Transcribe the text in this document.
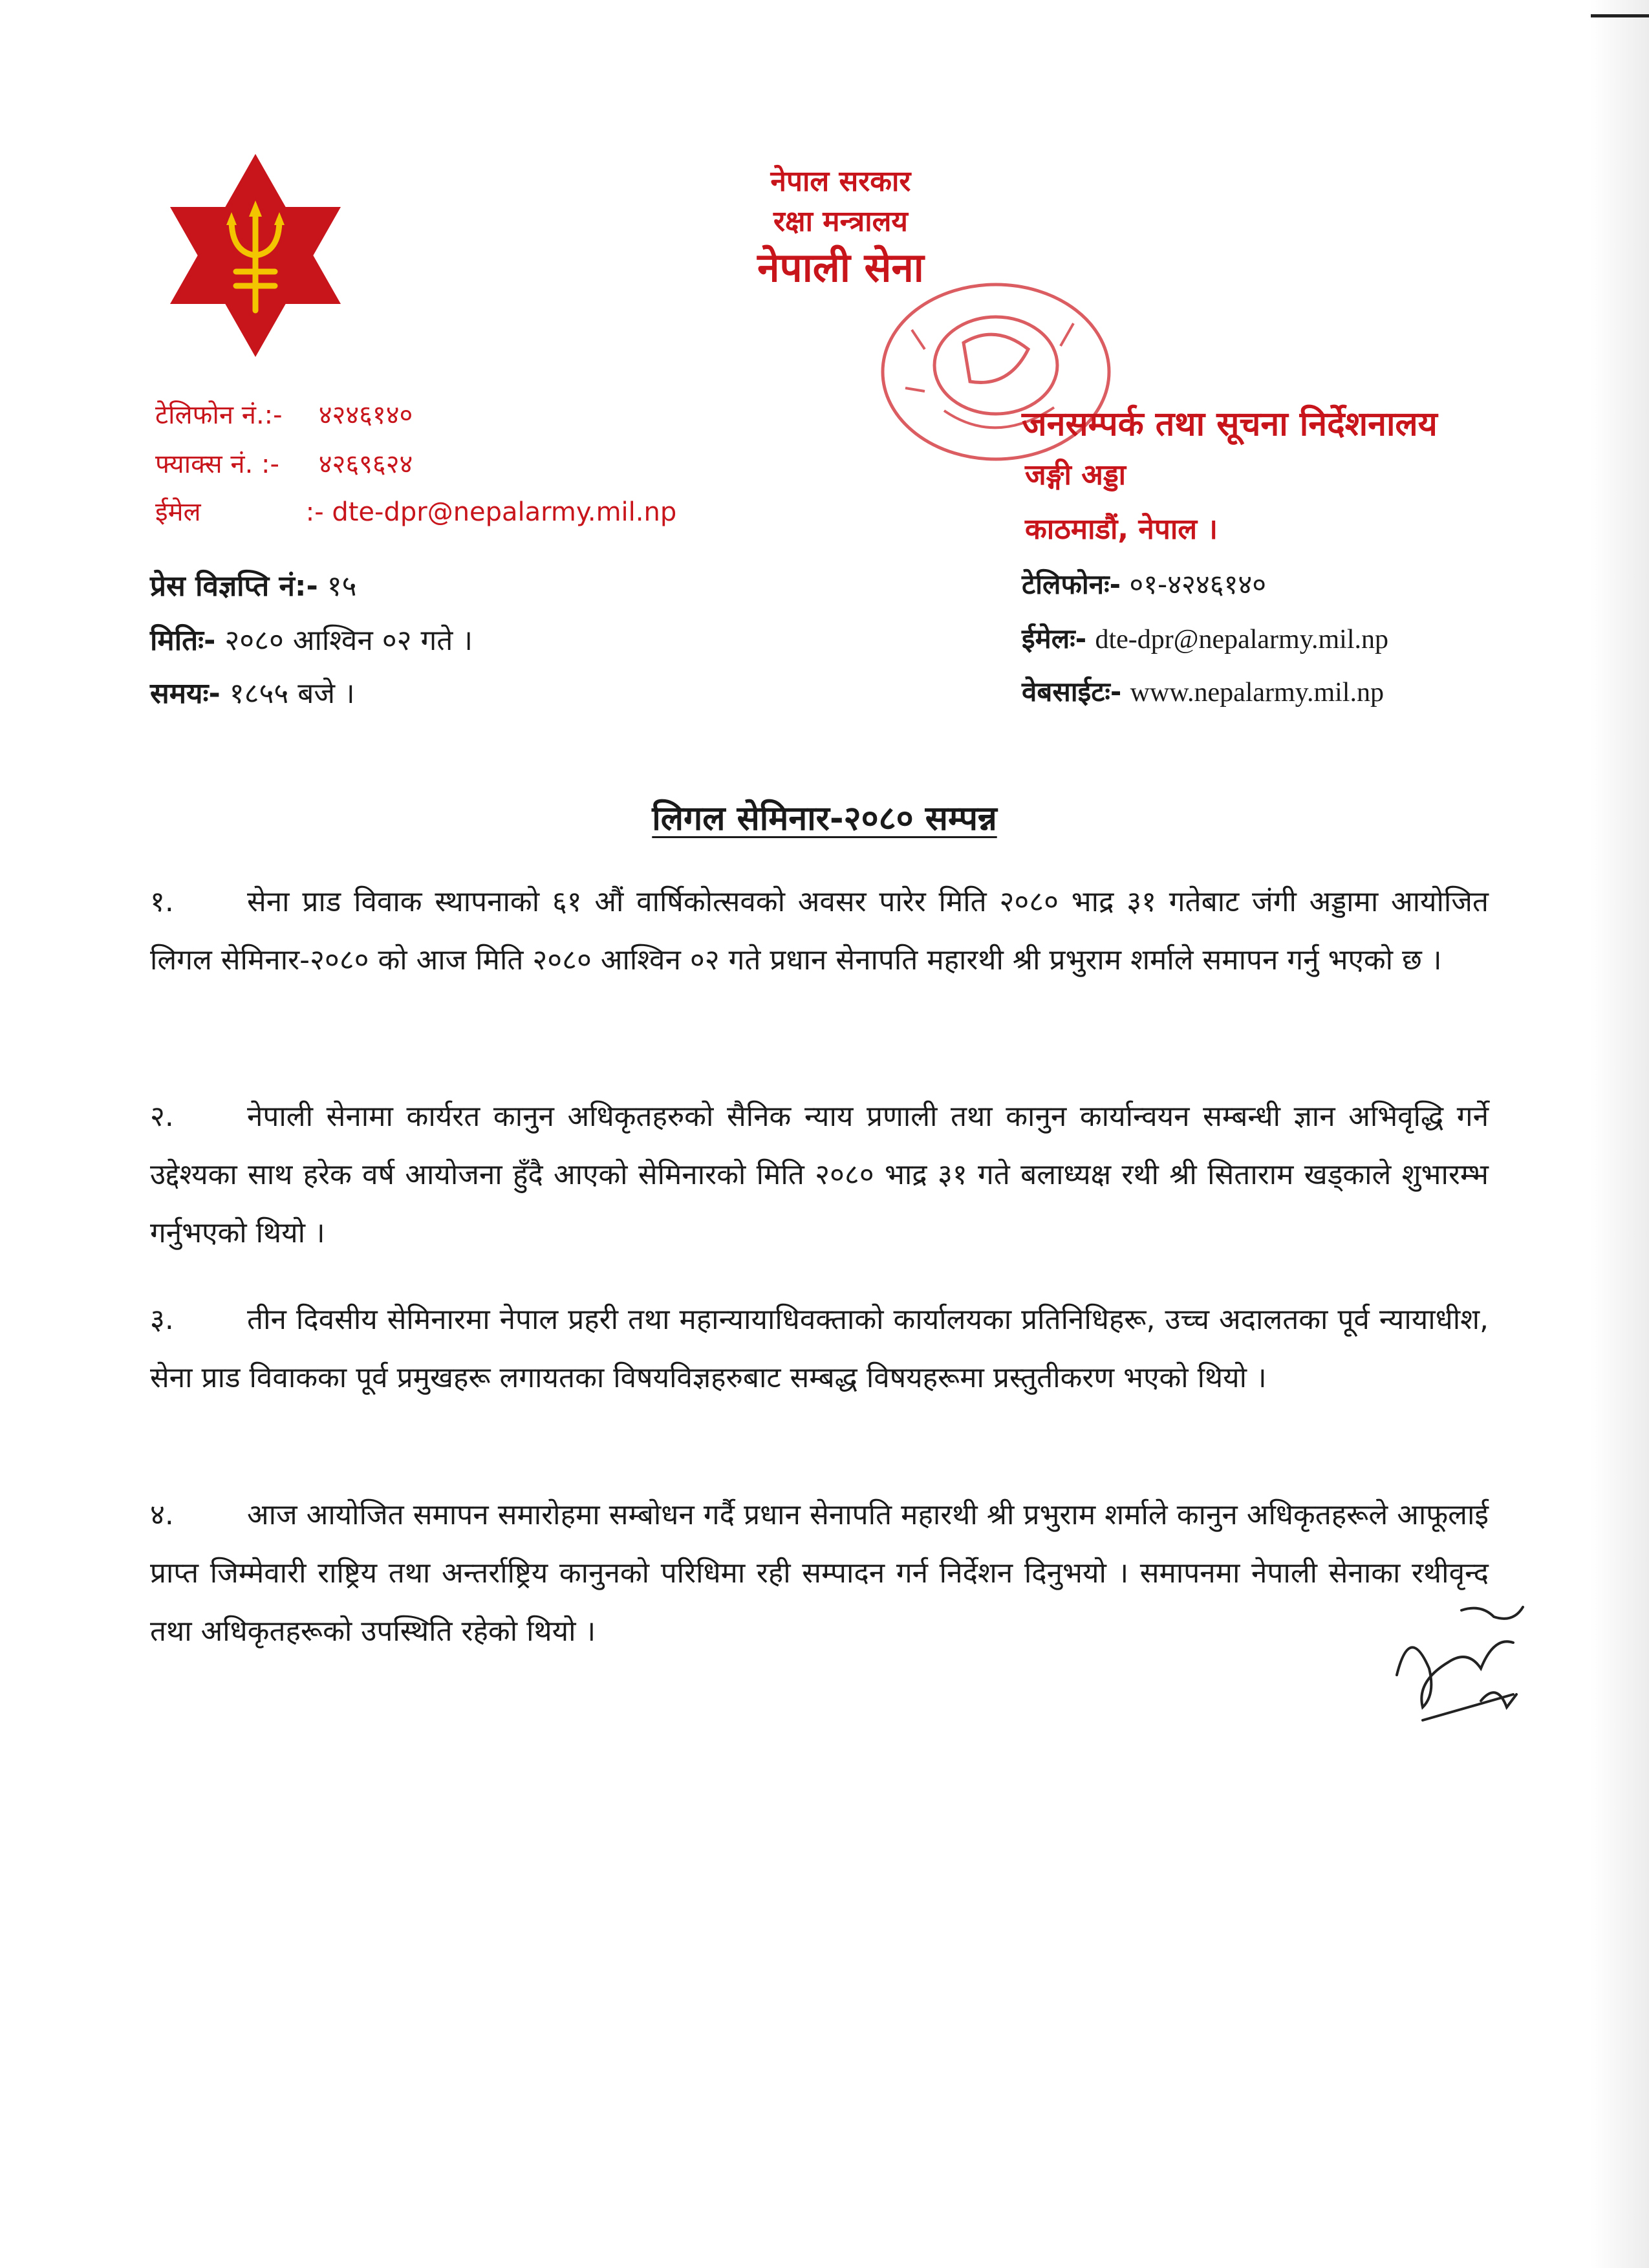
नेपाल सरकार
रक्षा मन्त्रालय
नेपाली सेना
टेलिफोन नं.:- ४२४६१४०
फ्याक्स नं. :- ४२६९६२४
ईमेल	:- dte-dpr@nepalarmy.mil.np
जनसम्पर्क तथा सूचना निर्देशनालय
जङ्गी अड्डा
काठमाडौं, नेपाल ।
प्रेस विज्ञप्ति नं:- १५
मितिः- २०८० आश्विन ०२ गते ।
समयः- १८५५ बजे ।
टेलिफोनः- ०१-४२४६१४०
ईमेलः- dte-dpr@nepalarmy.mil.np
वेबसाईटः- www.nepalarmy.mil.np
लिगल सेमिनार-२०८० सम्पन्न
१.	सेना प्राड विवाक स्थापनाको ६१ औं वार्षिकोत्सवको अवसर पारेर मिति २०८० भाद्र ३१ गतेबाट जंगी अड्डामा आयोजित लिगल सेमिनार-२०८० को आज मिति २०८० आश्विन ०२ गते प्रधान सेनापति महारथी श्री प्रभुराम शर्माले समापन गर्नु भएको छ ।
२.	नेपाली सेनामा कार्यरत कानुन अधिकृतहरुको सैनिक न्याय प्रणाली तथा कानुन कार्यान्वयन सम्बन्धी ज्ञान अभिवृद्धि गर्ने उद्देश्यका साथ हरेक वर्ष आयोजना हुँदै आएको सेमिनारको मिति २०८० भाद्र ३१ गते बलाध्यक्ष रथी श्री सिताराम खड्काले शुभारम्भ गर्नुभएको थियो ।
३.	तीन दिवसीय सेमिनारमा नेपाल प्रहरी तथा महान्यायाधिवक्ताको कार्यालयका प्रतिनिधिहरू, उच्च अदालतका पूर्व न्यायाधीश, सेना प्राड विवाकका पूर्व प्रमुखहरू लगायतका विषयविज्ञहरुबाट सम्बद्ध विषयहरूमा प्रस्तुतीकरण भएको थियो ।
४.	आज आयोजित समापन समारोहमा सम्बोधन गर्दै प्रधान सेनापति महारथी श्री प्रभुराम शर्माले कानुन अधिकृतहरूले आफूलाई प्राप्त जिम्मेवारी राष्ट्रिय तथा अन्तर्राष्ट्रिय कानुनको परिधिमा रही सम्पादन गर्न निर्देशन दिनुभयो । समापनमा नेपाली सेनाका रथीवृन्द तथा अधिकृतहरूको उपस्थिति रहेको थियो ।
